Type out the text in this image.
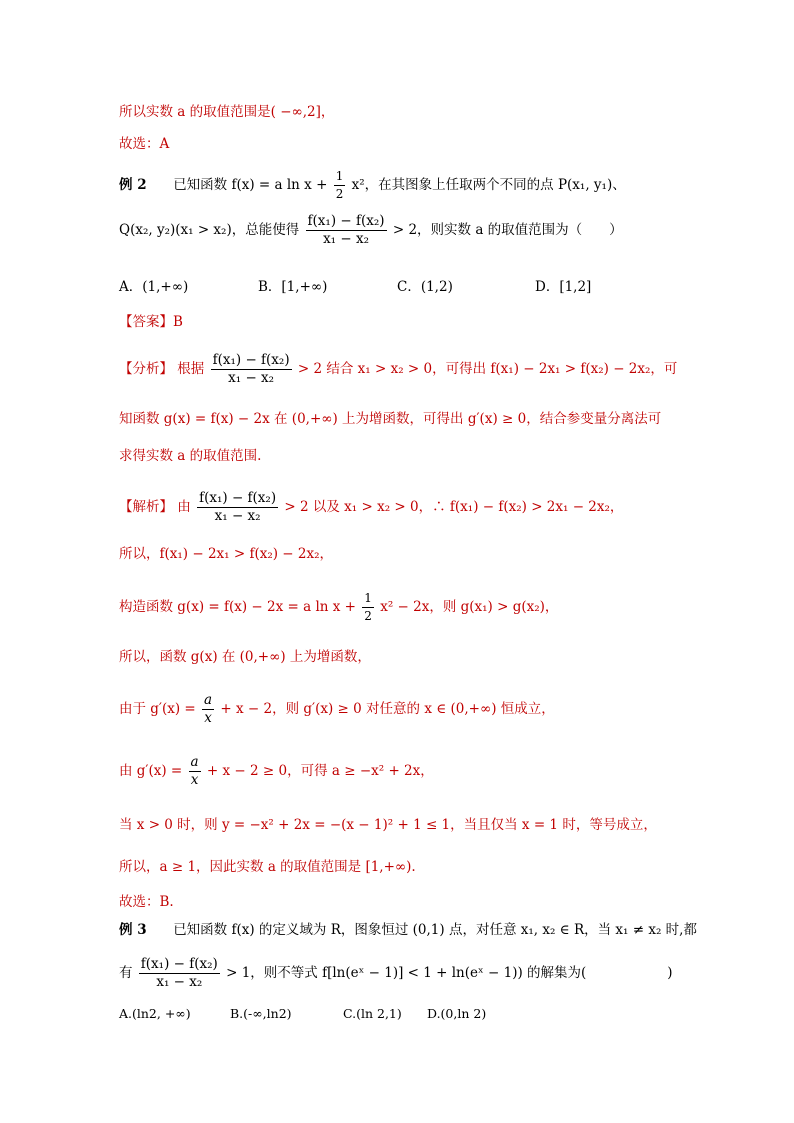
所以实数 a 的取值范围是( −∞,2]，
故选：A
例 2 已知函数 f(x) = a $\ln x + \frac{1}{2} x^2$，在其图象上任取两个不同的点 P(x₁, y₁)、
Q(x₂, y₂)(x₁ > x₂)，总能使得 $\frac{\text{f(x₁) − f(x₂)}}{\text{x₁ − x₂}} > 2$，则实数 a 的取值范围为（　　）
A．(1,+∞)	B．[1,+∞)	C．(1,2)	D．[1,2]
【答案】B
【分析】 根据 $\frac{\text{f(x₁) − f(x₂)}}{\text{x₁ − x₂}} > 2$ 结合 x₁ > x₂ > 0，可得出 f(x₁) − 2x₁ > f(x₂) − 2x₂，可
知函数 g(x) = f(x) − 2x 在 (0,+∞) 上为增函数，可得出 g′(x) ≥ 0，结合参变量分离法可
求得实数 a 的取值范围.
【解析】 由 $\frac{\text{f(x₁) − f(x₂)}}{\text{x₁ − x₂}} > 2$ 以及 x₁ > x₂ > 0，∴ f(x₁) − f(x₂) > 2x₁ − 2x₂，
所以，f(x₁) − 2x₁ > f(x₂) − 2x₂，
构造函数 g(x) = f(x) − 2x = a $\ln x + \frac{1}{2} x^2 - 2x$，则 g(x₁) > g(x₂)，
所以，函数 g(x) 在 (0,+∞) 上为增函数，
由于 $g'(x) = \frac{a}{x} + x - 2$，则 g′(x) ≥ 0 对任意的 x ∈ (0,+∞) 恒成立，
由 $g'(x) = \frac{a}{x} + x - 2 \ge 0$，可得 a ≥ −x² + 2x，
当 x > 0 时，则 y = −x² + 2x = −(x − 1)² + 1 ≤ 1，当且仅当 x = 1 时，等号成立，
所以，a ≥ 1，因此实数 a 的取值范围是 [1,+∞).
故选：B.
例 3 已知函数 f(x) 的定义域为 R，图象恒过 (0,1) 点，对任意 x₁, x₂ ∈ R，当 x₁ ≠ x₂ 时,都
有 $\frac{\text{f(x₁) − f(x₂)}}{\text{x₁ − x₂}} > 1$，则不等式 f[ln(eˣ − 1)] < 1 + ln(eˣ − 1)) 的解集为(　　　　　　)
A.(ln2, +∞)	B.(-∞,ln2)	C.(ln 2,1) D.(0,ln 2)
